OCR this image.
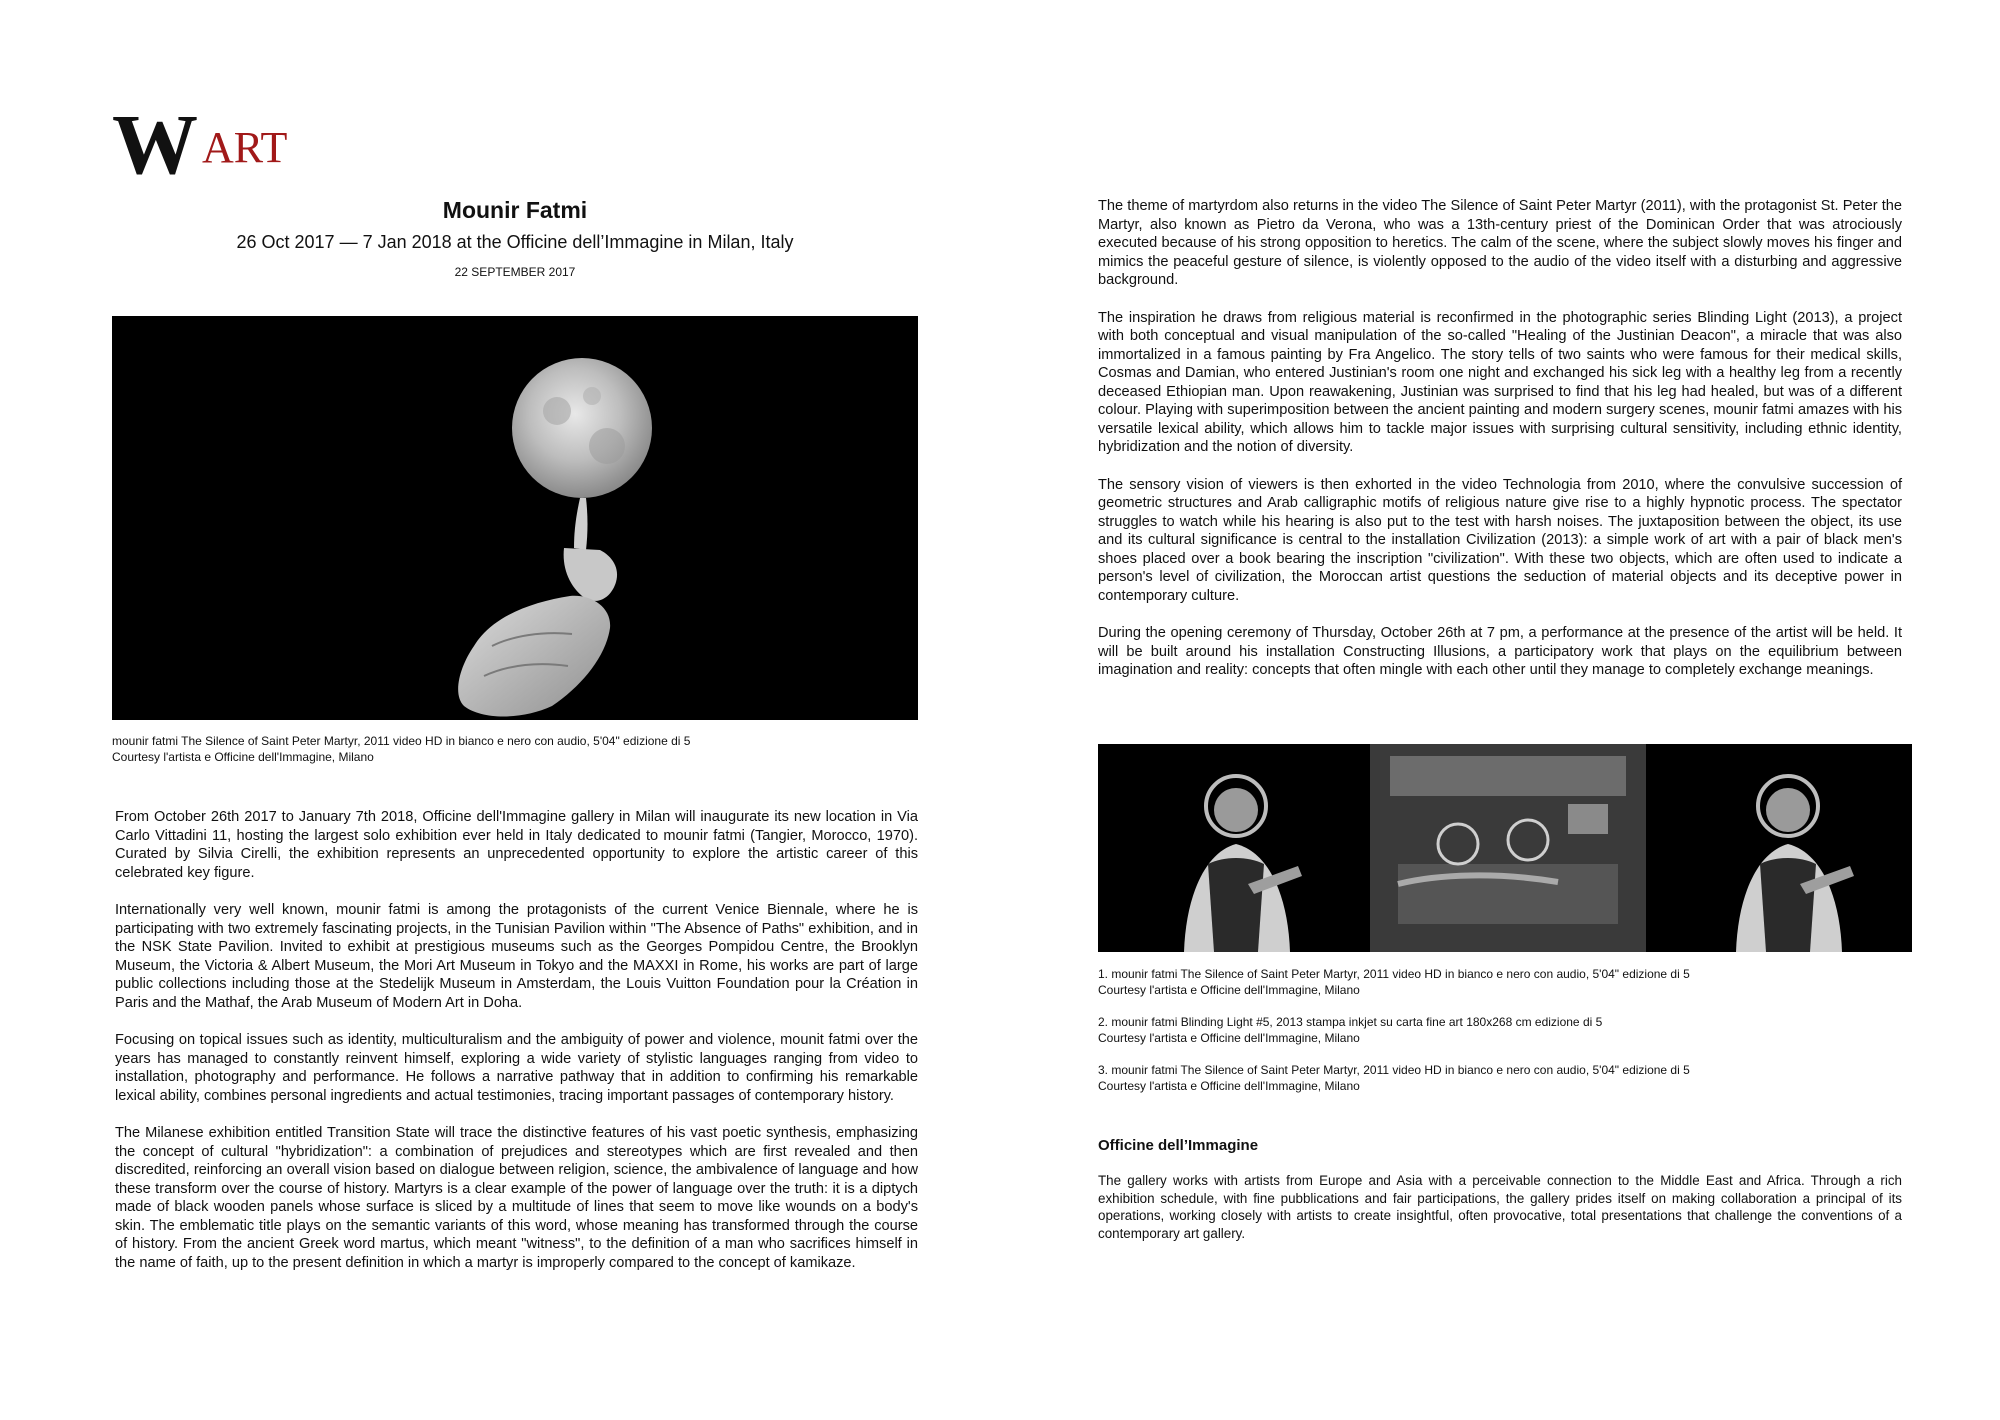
W ART
Mounir Fatmi
26 Oct 2017 — 7 Jan 2018 at the Officine dell’Immagine in Milan, Italy
22 SEPTEMBER 2017
mounir fatmi The Silence of Saint Peter Martyr, 2011 video HD in bianco e nero con audio, 5'04" edizione di 5
Courtesy l'artista e Officine dell'Immagine, Milano

From October 26th 2017 to January 7th 2018, Officine dell'Immagine gallery in Milan will inaugurate its new location in Via Carlo Vittadini 11, hosting the largest solo exhibition ever held in Italy dedicated to mounir fatmi (Tangier, Morocco, 1970). Curated by Silvia Cirelli, the exhibition represents an unprecedented opportunity to explore the artistic career of this celebrated key figure.

Internationally very well known, mounir fatmi is among the protagonists of the current Venice Biennale, where he is participating with two extremely fascinating projects, in the Tunisian Pavilion within "The Absence of Paths" exhibition, and in the NSK State Pavilion. Invited to exhibit at prestigious museums such as the Georges Pompidou Centre, the Brooklyn Museum, the Victoria & Albert Museum, the Mori Art Museum in Tokyo and the MAXXI in Rome, his works are part of large public collections including those at the Stedelijk Museum in Amsterdam, the Louis Vuitton Foundation pour la Création in Paris and the Mathaf, the Arab Museum of Modern Art in Doha.

Focusing on topical issues such as identity, multiculturalism and the ambiguity of power and violence, mounit fatmi over the years has managed to constantly reinvent himself, exploring a wide variety of stylistic languages ranging from video to installation, photography and performance. He follows a narrative pathway that in addition to confirming his remarkable lexical ability, combines personal ingredients and actual testimonies, tracing important passages of contemporary history.

The Milanese exhibition entitled Transition State will trace the distinctive features of his vast poetic synthesis, emphasizing the concept of cultural "hybridization": a combination of prejudices and stereotypes which are first revealed and then discredited, reinforcing an overall vision based on dialogue between religion, science, the ambivalence of language and how these transform over the course of history. Martyrs is a clear example of the power of language over the truth: it is a diptych made of black wooden panels whose surface is sliced by a multitude of lines that seem to move like wounds on a body's skin. The emblematic title plays on the semantic variants of this word, whose meaning has transformed through the course of history. From the ancient Greek word martus, which meant "witness", to the definition of a man who sacrifices himself in the name of faith, up to the present definition in which a martyr is improperly compared to the concept of kamikaze.

The theme of martyrdom also returns in the video The Silence of Saint Peter Martyr (2011), with the protagonist St. Peter the Martyr, also known as Pietro da Verona, who was a 13th-century priest of the Dominican Order that was atrociously executed because of his strong opposition to heretics. The calm of the scene, where the subject slowly moves his finger and mimics the peaceful gesture of silence, is violently opposed to the audio of the video itself with a disturbing and aggressive background.

The inspiration he draws from religious material is reconfirmed in the photographic series Blinding Light (2013), a project with both conceptual and visual manipulation of the so-called "Healing of the Justinian Deacon", a miracle that was also immortalized in a famous painting by Fra Angelico. The story tells of two saints who were famous for their medical skills, Cosmas and Damian, who entered Justinian's room one night and exchanged his sick leg with a healthy leg from a recently deceased Ethiopian man. Upon reawakening, Justinian was surprised to find that his leg had healed, but was of a different colour. Playing with superimposition between the ancient painting and modern surgery scenes, mounir fatmi amazes with his versatile lexical ability, which allows him to tackle major issues with surprising cultural sensitivity, including ethnic identity, hybridization and the notion of diversity.

The sensory vision of viewers is then exhorted in the video Technologia from 2010, where the convulsive succession of geometric structures and Arab calligraphic motifs of religious nature give rise to a highly hypnotic process. The spectator struggles to watch while his hearing is also put to the test with harsh noises. The juxtaposition between the object, its use and its cultural significance is central to the installation Civilization (2013): a simple work of art with a pair of black men's shoes placed over a book bearing the inscription "civilization". With these two objects, which are often used to indicate a person's level of civilization, the Moroccan artist questions the seduction of material objects and its deceptive power in contemporary culture.

During the opening ceremony of Thursday, October 26th at 7 pm, a performance at the presence of the artist will be held. It will be built around his installation Constructing Illusions, a participatory work that plays on the equilibrium between imagination and reality: concepts that often mingle with each other until they manage to completely exchange meanings.

1. mounir fatmi The Silence of Saint Peter Martyr, 2011 video HD in bianco e nero con audio, 5'04" edizione di 5
Courtesy l'artista e Officine dell'Immagine, Milano
2. mounir fatmi Blinding Light #5, 2013 stampa inkjet su carta fine art 180x268 cm edizione di 5
Courtesy l'artista e Officine dell'Immagine, Milano
3. mounir fatmi The Silence of Saint Peter Martyr, 2011 video HD in bianco e nero con audio, 5'04" edizione di 5
Courtesy l'artista e Officine dell'Immagine, Milano
Officine dell’Immagine

The gallery works with artists from Europe and Asia with a perceivable connection to the Middle East and Africa. Through a rich exhibition schedule, with fine pubblications and fair participations, the gallery prides itself on making collaboration a principal of its operations, working closely with artists to create insightful, often provocative, total presentations that challenge the conventions of a contemporary art gallery.
